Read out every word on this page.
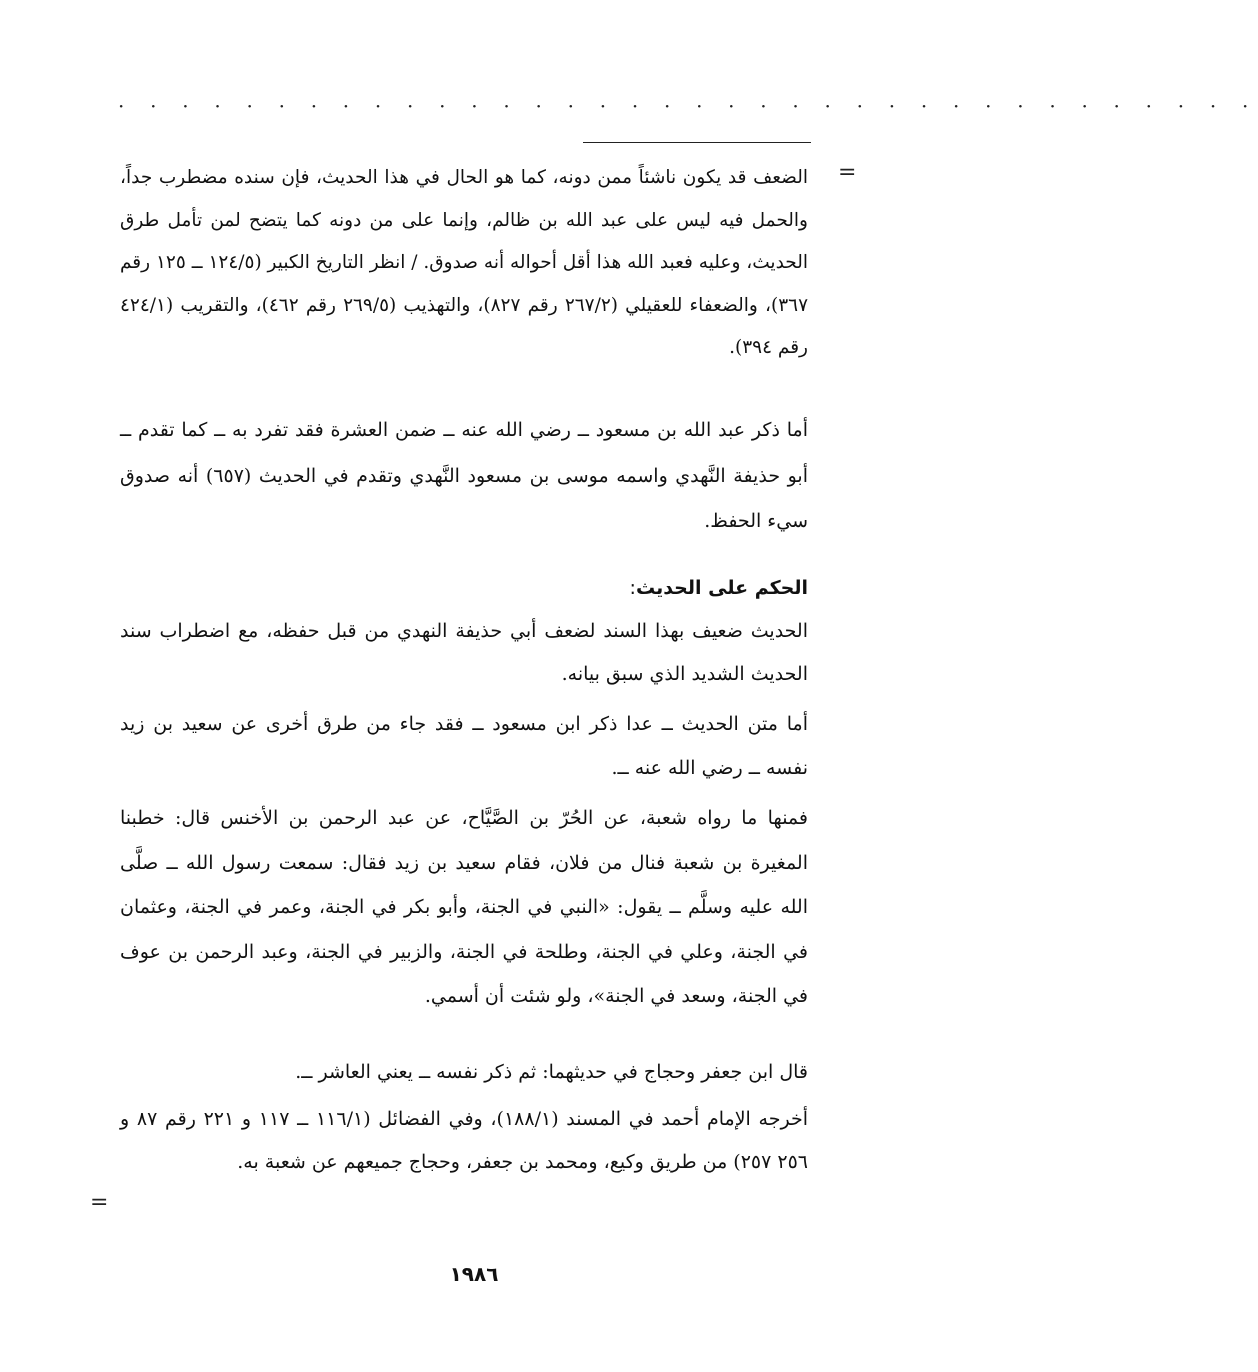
· · · · · · · · · · · · · · · · · · · · · · · · · · · · · · · · · · · ·
=

الضعف قد يكون ناشئاً ممن دونه، كما هو الحال في هذا الحديث، فإن سنده مضطرب جداً، والحمل فيه ليس على عبد الله بن ظالم، وإنما على من دونه كما يتضح لمن تأمل طرق الحديث، وعليه فعبد الله هذا أقل أحواله أنه صدوق. / انظر التاريخ الكبير (١٢٤/٥ ــ ١٢٥ رقم ٣٦٧)، والضعفاء للعقيلي (٢٦٧/٢ رقم ٨٢٧)، والتهذيب (٢٦٩/٥ رقم ٤٦٢)، والتقريب (٤٢٤/١ رقم ٣٩٤).

أما ذكر عبد الله بن مسعود ــ رضي الله عنه ــ ضمن العشرة فقد تفرد به ــ كما تقدم ــ أبو حذيفة النَّهدي واسمه موسى بن مسعود النَّهدي وتقدم في الحديث (٦٥٧) أنه صدوق سيء الحفظ.

الحكم على الحديث:

الحديث ضعيف بهذا السند لضعف أبي حذيفة النهدي من قبل حفظه، مع اضطراب سند الحديث الشديد الذي سبق بيانه.

أما متن الحديث ــ عدا ذكر ابن مسعود ــ فقد جاء من طرق أخرى عن سعيد بن زيد نفسه ــ رضي الله عنه ــ.

فمنها ما رواه شعبة، عن الحُرّ بن الصَّيَّاح، عن عبد الرحمن بن الأخنس قال: خطبنا المغيرة بن شعبة فنال من فلان، فقام سعيد بن زيد فقال: سمعت رسول الله ــ صلَّى الله عليه وسلَّم ــ يقول: «النبي في الجنة، وأبو بكر في الجنة، وعمر في الجنة، وعثمان في الجنة، وعلي في الجنة، وطلحة في الجنة، والزبير في الجنة، وعبد الرحمن بن عوف في الجنة، وسعد في الجنة»، ولو شئت أن أسمي.

قال ابن جعفر وحجاج في حديثهما: ثم ذكر نفسه ــ يعني العاشر ــ.

أخرجه الإمام أحمد في المسند (١٨٨/١)، وفي الفضائل (١١٦/١ ــ ١١٧ و ٢٢١ رقم ٨٧ و ٢٥٦ ٢٥٧) من طريق وكيع، ومحمد بن جعفر، وحجاج جميعهم عن شعبة به.

=
١٩٨٦
